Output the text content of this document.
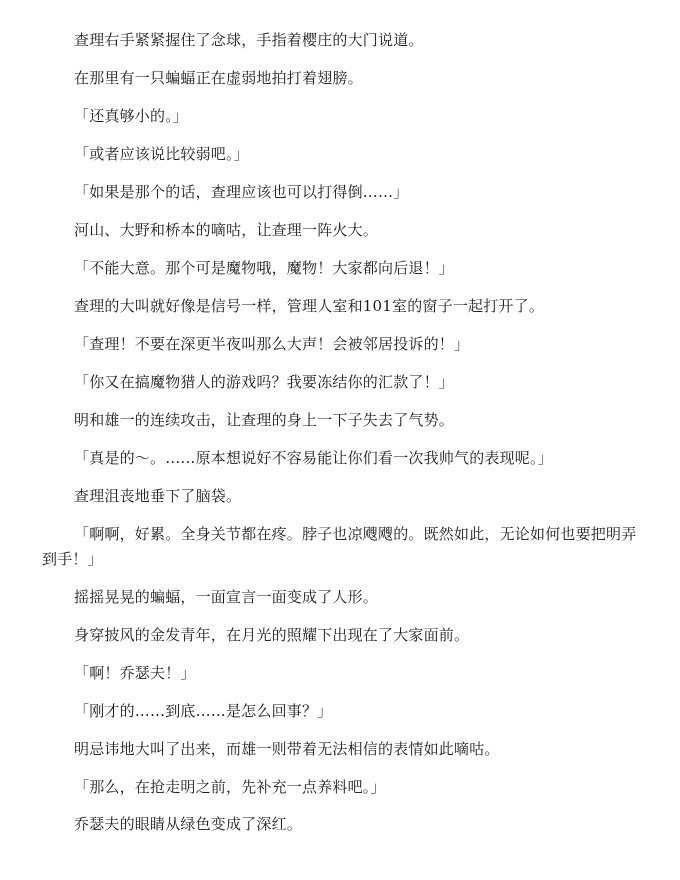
查理右手紧紧握住了念球，手指着樱庄的大门说道。

在那里有一只蝙蝠正在虚弱地拍打着翅膀。

「还真够小的。」

「或者应该说比较弱吧。」

「如果是那个的话，查理应该也可以打得倒……」

河山、大野和桥本的嘀咕，让查理一阵火大。

「不能大意。那个可是魔物哦，魔物！大家都向后退！」

查理的大叫就好像是信号一样，管理人室和101室的窗子一起打开了。

「查理！不要在深更半夜叫那么大声！会被邻居投诉的！」

「你又在搞魔物猎人的游戏吗？我要冻结你的汇款了！」

明和雄一的连续攻击，让查理的身上一下子失去了气势。

「真是的～。……原本想说好不容易能让你们看一次我帅气的表现呢。」

查理沮丧地垂下了脑袋。

「啊啊，好累。全身关节都在疼。脖子也凉飕飕的。既然如此，无论如何也要把明弄到手！」

摇摇晃晃的蝙蝠，一面宣言一面变成了人形。

身穿披风的金发青年，在月光的照耀下出现在了大家面前。

「啊！乔瑟夫！」

「刚才的……到底……是怎么回事？」

明忌讳地大叫了出来，而雄一则带着无法相信的表情如此嘀咕。

「那么，在抢走明之前，先补充一点养料吧。」

乔瑟夫的眼睛从绿色变成了深红。
